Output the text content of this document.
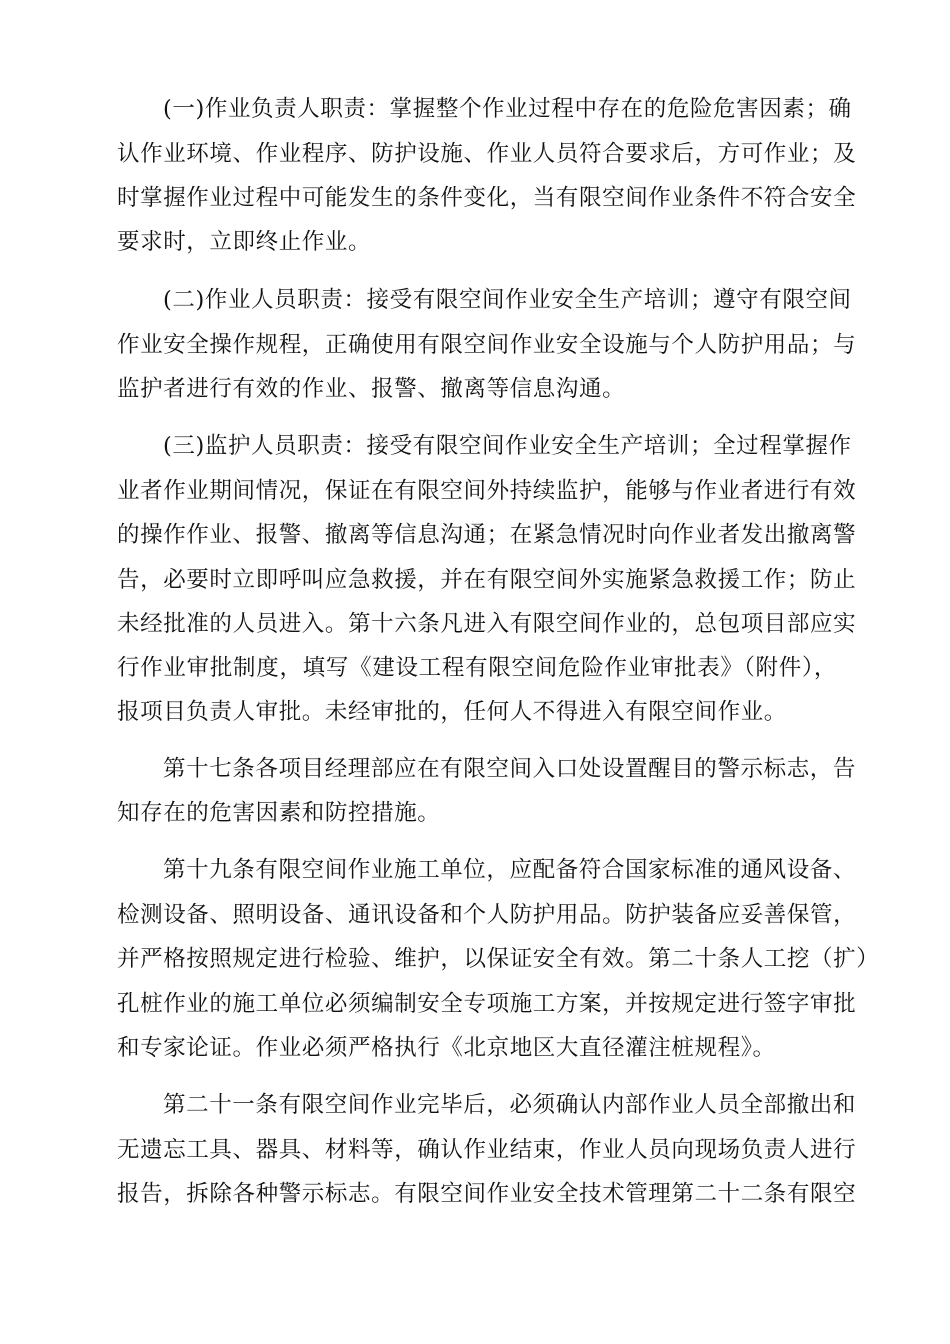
(一)作业负责人职责：掌握整个作业过程中存在的危险危害因素；确
认作业环境、作业程序、防护设施、作业人员符合要求后，方可作业；及
时掌握作业过程中可能发生的条件变化，当有限空间作业条件不符合安全
要求时，立即终止作业。
(二)作业人员职责：接受有限空间作业安全生产培训；遵守有限空间
作业安全操作规程，正确使用有限空间作业安全设施与个人防护用品；与
监护者进行有效的作业、报警、撤离等信息沟通。
(三)监护人员职责：接受有限空间作业安全生产培训；全过程掌握作
业者作业期间情况，保证在有限空间外持续监护，能够与作业者进行有效
的操作作业、报警、撤离等信息沟通；在紧急情况时向作业者发出撤离警
告，必要时立即呼叫应急救援，并在有限空间外实施紧急救援工作；防止
未经批准的人员进入。第十六条凡进入有限空间作业的，总包项目部应实
行作业审批制度，填写《建设工程有限空间危险作业审批表》（附件），
报项目负责人审批。未经审批的，任何人不得进入有限空间作业。
第十七条各项目经理部应在有限空间入口处设置醒目的警示标志，告
知存在的危害因素和防控措施。
第十九条有限空间作业施工单位，应配备符合国家标准的通风设备、
检测设备、照明设备、通讯设备和个人防护用品。防护装备应妥善保管，
并严格按照规定进行检验、维护，以保证安全有效。第二十条人工挖（扩）
孔桩作业的施工单位必须编制安全专项施工方案，并按规定进行签字审批
和专家论证。作业必须严格执行《北京地区大直径灌注桩规程》。
第二十一条有限空间作业完毕后，必须确认内部作业人员全部撤出和
无遗忘工具、器具、材料等，确认作业结束，作业人员向现场负责人进行
报告，拆除各种警示标志。有限空间作业安全技术管理第二十二条有限空
